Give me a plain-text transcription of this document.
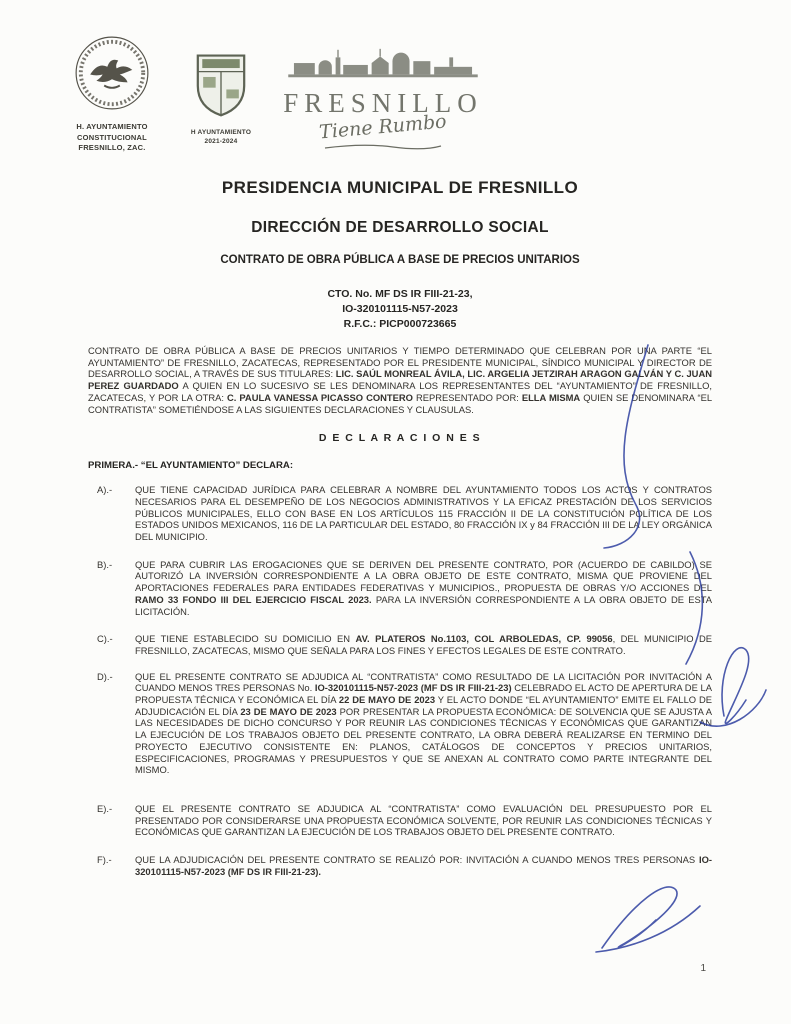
H. AYUNTAMIENTO
CONSTITUCIONAL
FRESNILLO, ZAC.
H AYUNTAMIENTO
2021-2024
FRESNILLO
Tiene Rumbo
PRESIDENCIA MUNICIPAL DE FRESNILLO
DIRECCIÓN DE DESARROLLO SOCIAL
CONTRATO DE OBRA PÚBLICA A BASE DE PRECIOS UNITARIOS
CTO. No. MF DS IR FIII-21-23,
IO-320101115-N57-2023
R.F.C.: PICP000723665

CONTRATO DE OBRA PÚBLICA A BASE DE PRECIOS UNITARIOS Y TIEMPO DETERMINADO QUE CELEBRAN POR UNA PARTE “EL AYUNTAMIENTO” DE FRESNILLO, ZACATECAS, REPRESENTADO POR EL PRESIDENTE MUNICIPAL, SÍNDICO MUNICIPAL Y DIRECTOR DE DESARROLLO SOCIAL, A TRAVÉS DE SUS TITULARES: LIC. SAÚL MONREAL ÁVILA, LIC. ARGELIA JETZIRAH ARAGON GALVÁN Y C. JUAN PEREZ GUARDADO A QUIEN EN LO SUCESIVO SE LES DENOMINARA LOS REPRESENTANTES DEL “AYUNTAMIENTO” DE FRESNILLO, ZACATECAS, Y POR LA OTRA: C. PAULA VANESSA PICASSO CONTERO REPRESENTADO POR: ELLA MISMA QUIEN SE DENOMINARA “EL CONTRATISTA” SOMETIÉNDOSE A LAS SIGUIENTES DECLARACIONES Y CLAUSULAS.

D E C L A R A C I O N E S
PRIMERA.- “EL AYUNTAMIENTO” DECLARA:
A).-	QUE TIENE CAPACIDAD JURÍDICA PARA CELEBRAR A NOMBRE DEL AYUNTAMIENTO TODOS LOS ACTOS Y CONTRATOS NECESARIOS PARA EL DESEMPEÑO DE LOS NEGOCIOS ADMINISTRATIVOS Y LA EFICAZ PRESTACIÓN DE LOS SERVICIOS PÚBLICOS MUNICIPALES, ELLO CON BASE EN LOS ARTÍCULOS 115 FRACCIÓN II DE LA CONSTITUCIÓN POLÍTICA DE LOS ESTADOS UNIDOS MEXICANOS, 116 DE LA PARTICULAR DEL ESTADO, 80 FRACCIÓN IX y 84 FRACCIÓN III DE LA LEY ORGÁNICA DEL MUNICIPIO.

B).-	QUE PARA CUBRIR LAS EROGACIONES QUE SE DERIVEN DEL PRESENTE CONTRATO, POR (ACUERDO DE CABILDO) SE AUTORIZÓ LA INVERSIÓN CORRESPONDIENTE A LA OBRA OBJETO DE ESTE CONTRATO, MISMA QUE PROVIENE DEL APORTACIONES FEDERALES PARA ENTIDADES FEDERATIVAS Y MUNICIPIOS., PROPUESTA DE OBRAS Y/O ACCIONES DEL RAMO 33 FONDO III DEL EJERCICIO FISCAL 2023. PARA LA INVERSIÓN CORRESPONDIENTE A LA OBRA OBJETO DE ESTA LICITACIÓN.

C).-	QUE TIENE ESTABLECIDO SU DOMICILIO EN AV. PLATEROS No.1103, COL ARBOLEDAS, CP. 99056, DEL MUNICIPIO DE FRESNILLO, ZACATECAS, MISMO QUE SEÑALA PARA LOS FINES Y EFECTOS LEGALES DE ESTE CONTRATO.

D).-	QUE EL PRESENTE CONTRATO SE ADJUDICA AL “CONTRATISTA” COMO RESULTADO DE LA LICITACIÓN POR INVITACIÓN A CUANDO MENOS TRES PERSONAS No. IO-320101115-N57-2023 (MF DS IR FIII-21-23) CELEBRADO EL ACTO DE APERTURA DE LA PROPUESTA TÉCNICA Y ECONÓMICA EL DÍA 22 DE MAYO DE 2023 Y EL ACTO DONDE “EL AYUNTAMIENTO” EMITE EL FALLO DE ADJUDICACIÓN EL DÍA 23 DE MAYO DE 2023 POR PRESENTAR LA PROPUESTA ECONÓMICA: DE SOLVENCIA QUE SE AJUSTA A LAS NECESIDADES DE DICHO CONCURSO Y POR REUNIR LAS CONDICIONES TÉCNICAS Y ECONÓMICAS QUE GARANTIZAN LA EJECUCIÓN DE LOS TRABAJOS OBJETO DEL PRESENTE CONTRATO, LA OBRA DEBERÁ REALIZARSE EN TERMINO DEL PROYECTO EJECUTIVO CONSISTENTE EN: PLANOS, CATÁLOGOS DE CONCEPTOS Y PRECIOS UNITARIOS, ESPECIFICACIONES, PROGRAMAS Y PRESUPUESTOS Y QUE SE ANEXAN AL CONTRATO COMO PARTE INTEGRANTE DEL MISMO.

E).-	QUE EL PRESENTE CONTRATO SE ADJUDICA AL “CONTRATISTA” COMO EVALUACIÓN DEL PRESUPUESTO POR EL PRESENTADO POR CONSIDERARSE UNA PROPUESTA ECONÓMICA SOLVENTE, POR REUNIR LAS CONDICIONES TÉCNICAS Y ECONÓMICAS QUE GARANTIZAN LA EJECUCIÓN DE LOS TRABAJOS OBJETO DEL PRESENTE CONTRATO.

F).-	QUE LA ADJUDICACIÓN DEL PRESENTE CONTRATO SE REALIZÓ POR: INVITACIÓN A CUANDO MENOS TRES PERSONAS IO-320101115-N57-2023 (MF DS IR FIII-21-23).

1
